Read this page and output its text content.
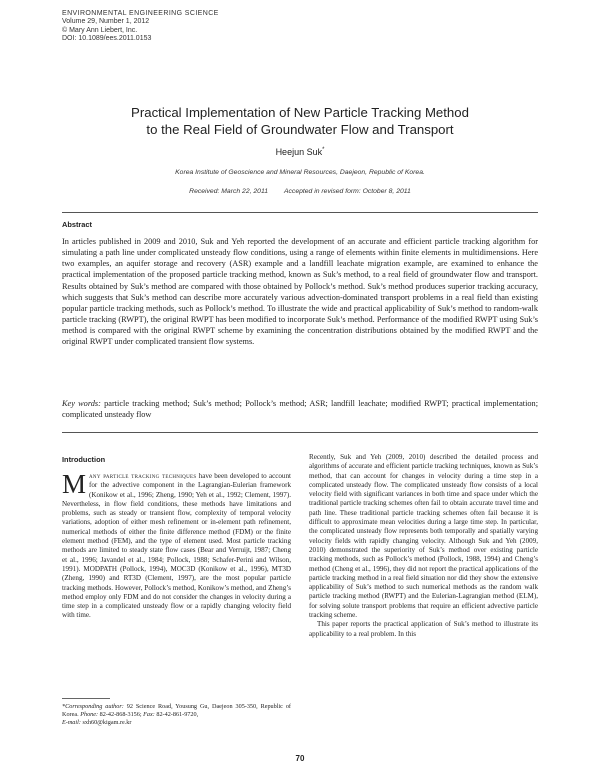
ENVIRONMENTAL ENGINEERING SCIENCE
Volume 29, Number 1, 2012
© Mary Ann Liebert, Inc.
DOI: 10.1089/ees.2011.0153
Practical Implementation of New Particle Tracking Method
to the Real Field of Groundwater Flow and Transport
Heejun Suk*
Korea Institute of Geoscience and Mineral Resources, Daejeon, Republic of Korea.
Received: March 22, 2011 Accepted in revised form: October 8, 2011
Abstract
In articles published in 2009 and 2010, Suk and Yeh reported the development of an accurate and efficient particle tracking algorithm for simulating a path line under complicated unsteady flow conditions, using a range of elements within finite elements in multidimensions. Here two examples, an aquifer storage and recovery (ASR) example and a landfill leachate migration example, are examined to enhance the practical implementation of the proposed particle tracking method, known as Suk’s method, to a real field of groundwater flow and transport. Results obtained by Suk’s method are compared with those obtained by Pollock’s method. Suk’s method produces superior tracking accuracy, which suggests that Suk’s method can describe more accurately various advection-dominated transport problems in a real field than existing popular particle tracking methods, such as Pollock’s method. To illustrate the wide and practical applicability of Suk’s method to random-walk particle tracking (RWPT), the original RWPT has been modified to incorporate Suk’s method. Performance of the modified RWPT using Suk’s method is compared with the original RWPT scheme by examining the concentration distributions obtained by the modified RWPT and the original RWPT under complicated transient flow systems.
Key words: particle tracking method; Suk’s method; Pollock’s method; ASR; landfill leachate; modified RWPT; practical implementation; complicated unsteady flow
Introduction

Many particle tracking techniques have been developed to account for the advective component in the Lagrangian-Eulerian framework (Konikow et al., 1996; Zheng, 1990; Yeh et al., 1992; Clement, 1997). Nevertheless, in flow field conditions, these methods have limitations and problems, such as steady or transient flow, complexity of temporal velocity variations, adoption of either mesh refinement or in-element path refinement, numerical methods of either the finite difference method (FDM) or the finite element method (FEM), and the type of element used. Most particle tracking methods are limited to steady state flow cases (Bear and Verruijt, 1987; Cheng et al., 1996; Javandel et al., 1984; Pollock, 1988; Schafer-Perini and Wilson, 1991). MODPATH (Pollock, 1994), MOC3D (Konikow et al., 1996), MT3D (Zheng, 1990) and RT3D (Clement, 1997), are the most popular particle tracking methods. However, Pollock’s method, Konikow’s method, and Zheng’s method employ only FDM and do not consider the changes in velocity during a time step in a complicated unsteady flow or a rapidly changing velocity field with time.

Recently, Suk and Yeh (2009, 2010) described the detailed process and algorithms of accurate and efficient particle tracking techniques, known as Suk’s method, that can account for changes in velocity during a time step in a complicated unsteady flow. The complicated unsteady flow consists of a local velocity field with significant variances in both time and space under which the traditional particle tracking schemes often fail to obtain accurate travel time and path line. These traditional particle tracking schemes often fail because it is difficult to approximate mean velocities during a large time step. In particular, the complicated unsteady flow represents both temporally and spatially varying velocity fields with rapidly changing velocity. Although Suk and Yeh (2009, 2010) demonstrated the superiority of Suk’s method over existing particle tracking methods, such as Pollock’s method (Pollock, 1988, 1994) and Cheng’s method (Cheng et al., 1996), they did not report the practical applications of the particle tracking method in a real field situation nor did they show the extensive applicability of Suk’s method to such numerical methods as the random walk particle tracking method (RWPT) and the Eulerian-Lagrangian method (ELM), for solving solute transport problems that require an efficient advective particle tracking scheme.

This paper reports the practical application of Suk’s method to illustrate its applicability to a real problem. In this

*Corresponding author: 92 Science Road, Yousung Gu, Daejeon 305-350, Republic of Korea. Phone: 82-42-868-3156; Fax: 82-42-861-9720,
E-mail: sxh60@kigam.re.kr
70
